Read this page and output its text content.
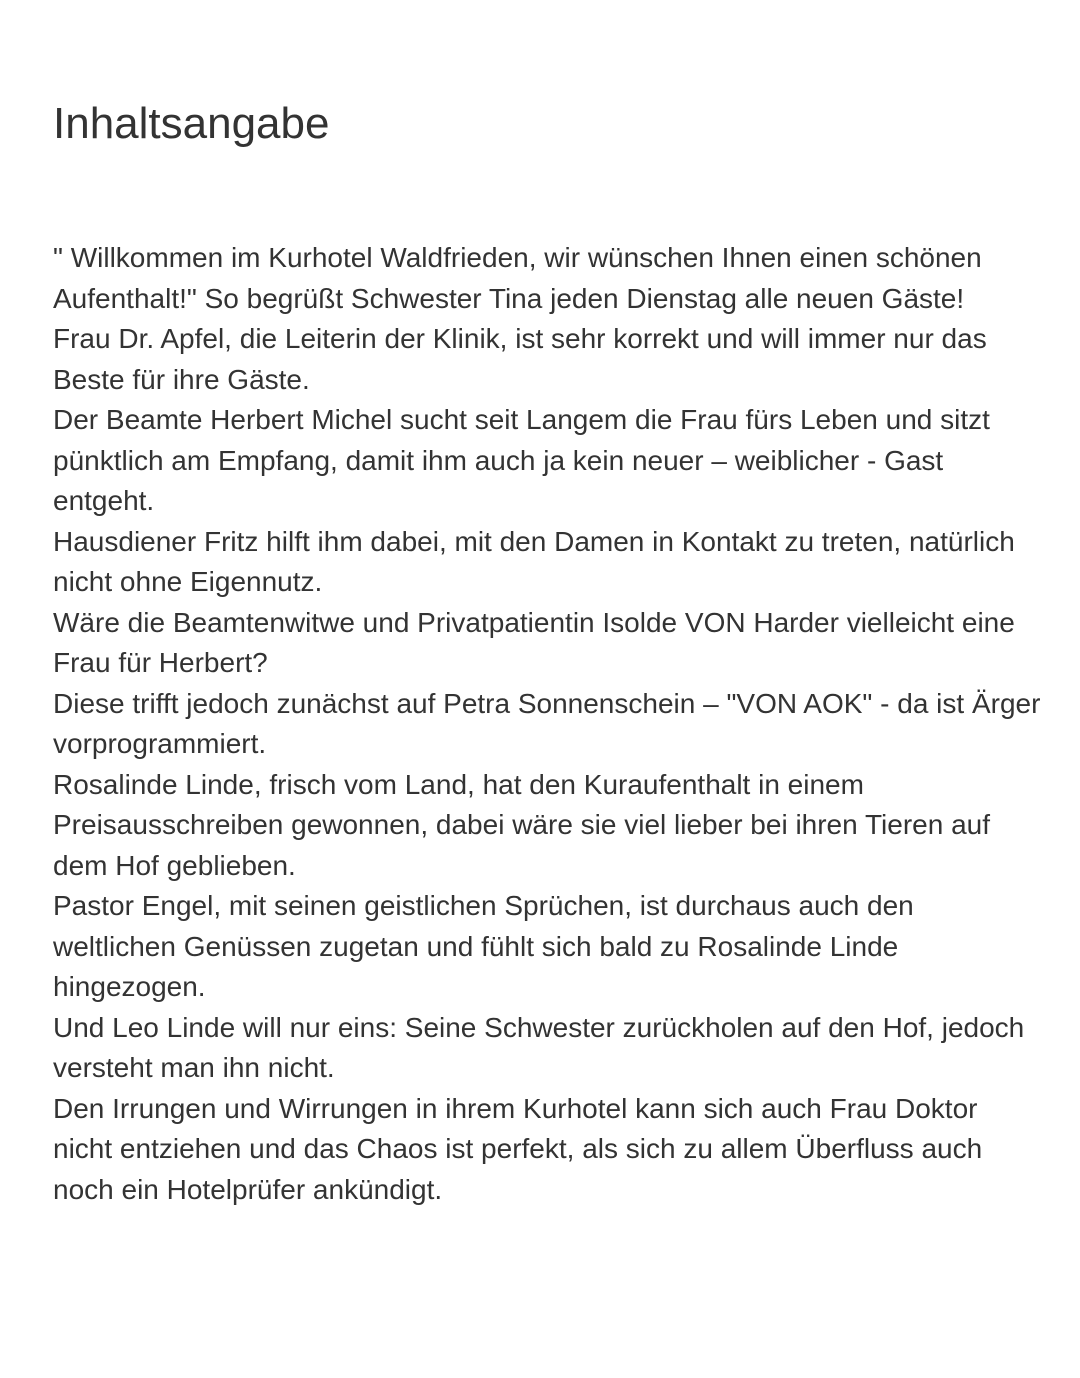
Inhaltsangabe

" Willkommen im Kurhotel Waldfrieden, wir wünschen Ihnen einen schönen Aufenthalt!" So begrüßt Schwester Tina jeden Dienstag alle neuen Gäste!

Frau Dr. Apfel, die Leiterin der Klinik, ist sehr korrekt und will immer nur das Beste für ihre Gäste.

Der Beamte Herbert Michel sucht seit Langem die Frau fürs Leben und sitzt pünktlich am Empfang, damit ihm auch ja kein neuer – weiblicher - Gast entgeht.

Hausdiener Fritz hilft ihm dabei, mit den Damen in Kontakt zu treten, natürlich nicht ohne Eigennutz.

Wäre die Beamtenwitwe und Privatpatientin Isolde VON Harder vielleicht eine Frau für Herbert?

Diese trifft jedoch zunächst auf Petra Sonnenschein – "VON AOK" - da ist Ärger vorprogrammiert.

Rosalinde Linde, frisch vom Land, hat den Kuraufenthalt in einem Preisausschreiben gewonnen, dabei wäre sie viel lieber bei ihren Tieren auf dem Hof geblieben.

Pastor Engel, mit seinen geistlichen Sprüchen, ist durchaus auch den weltlichen Genüssen zugetan und fühlt sich bald zu Rosalinde Linde hingezogen.

Und Leo Linde will nur eins: Seine Schwester zurückholen auf den Hof, jedoch versteht man ihn nicht.

Den Irrungen und Wirrungen in ihrem Kurhotel kann sich auch Frau Doktor nicht entziehen und das Chaos ist perfekt, als sich zu allem Überfluss auch noch ein Hotelprüfer ankündigt.
